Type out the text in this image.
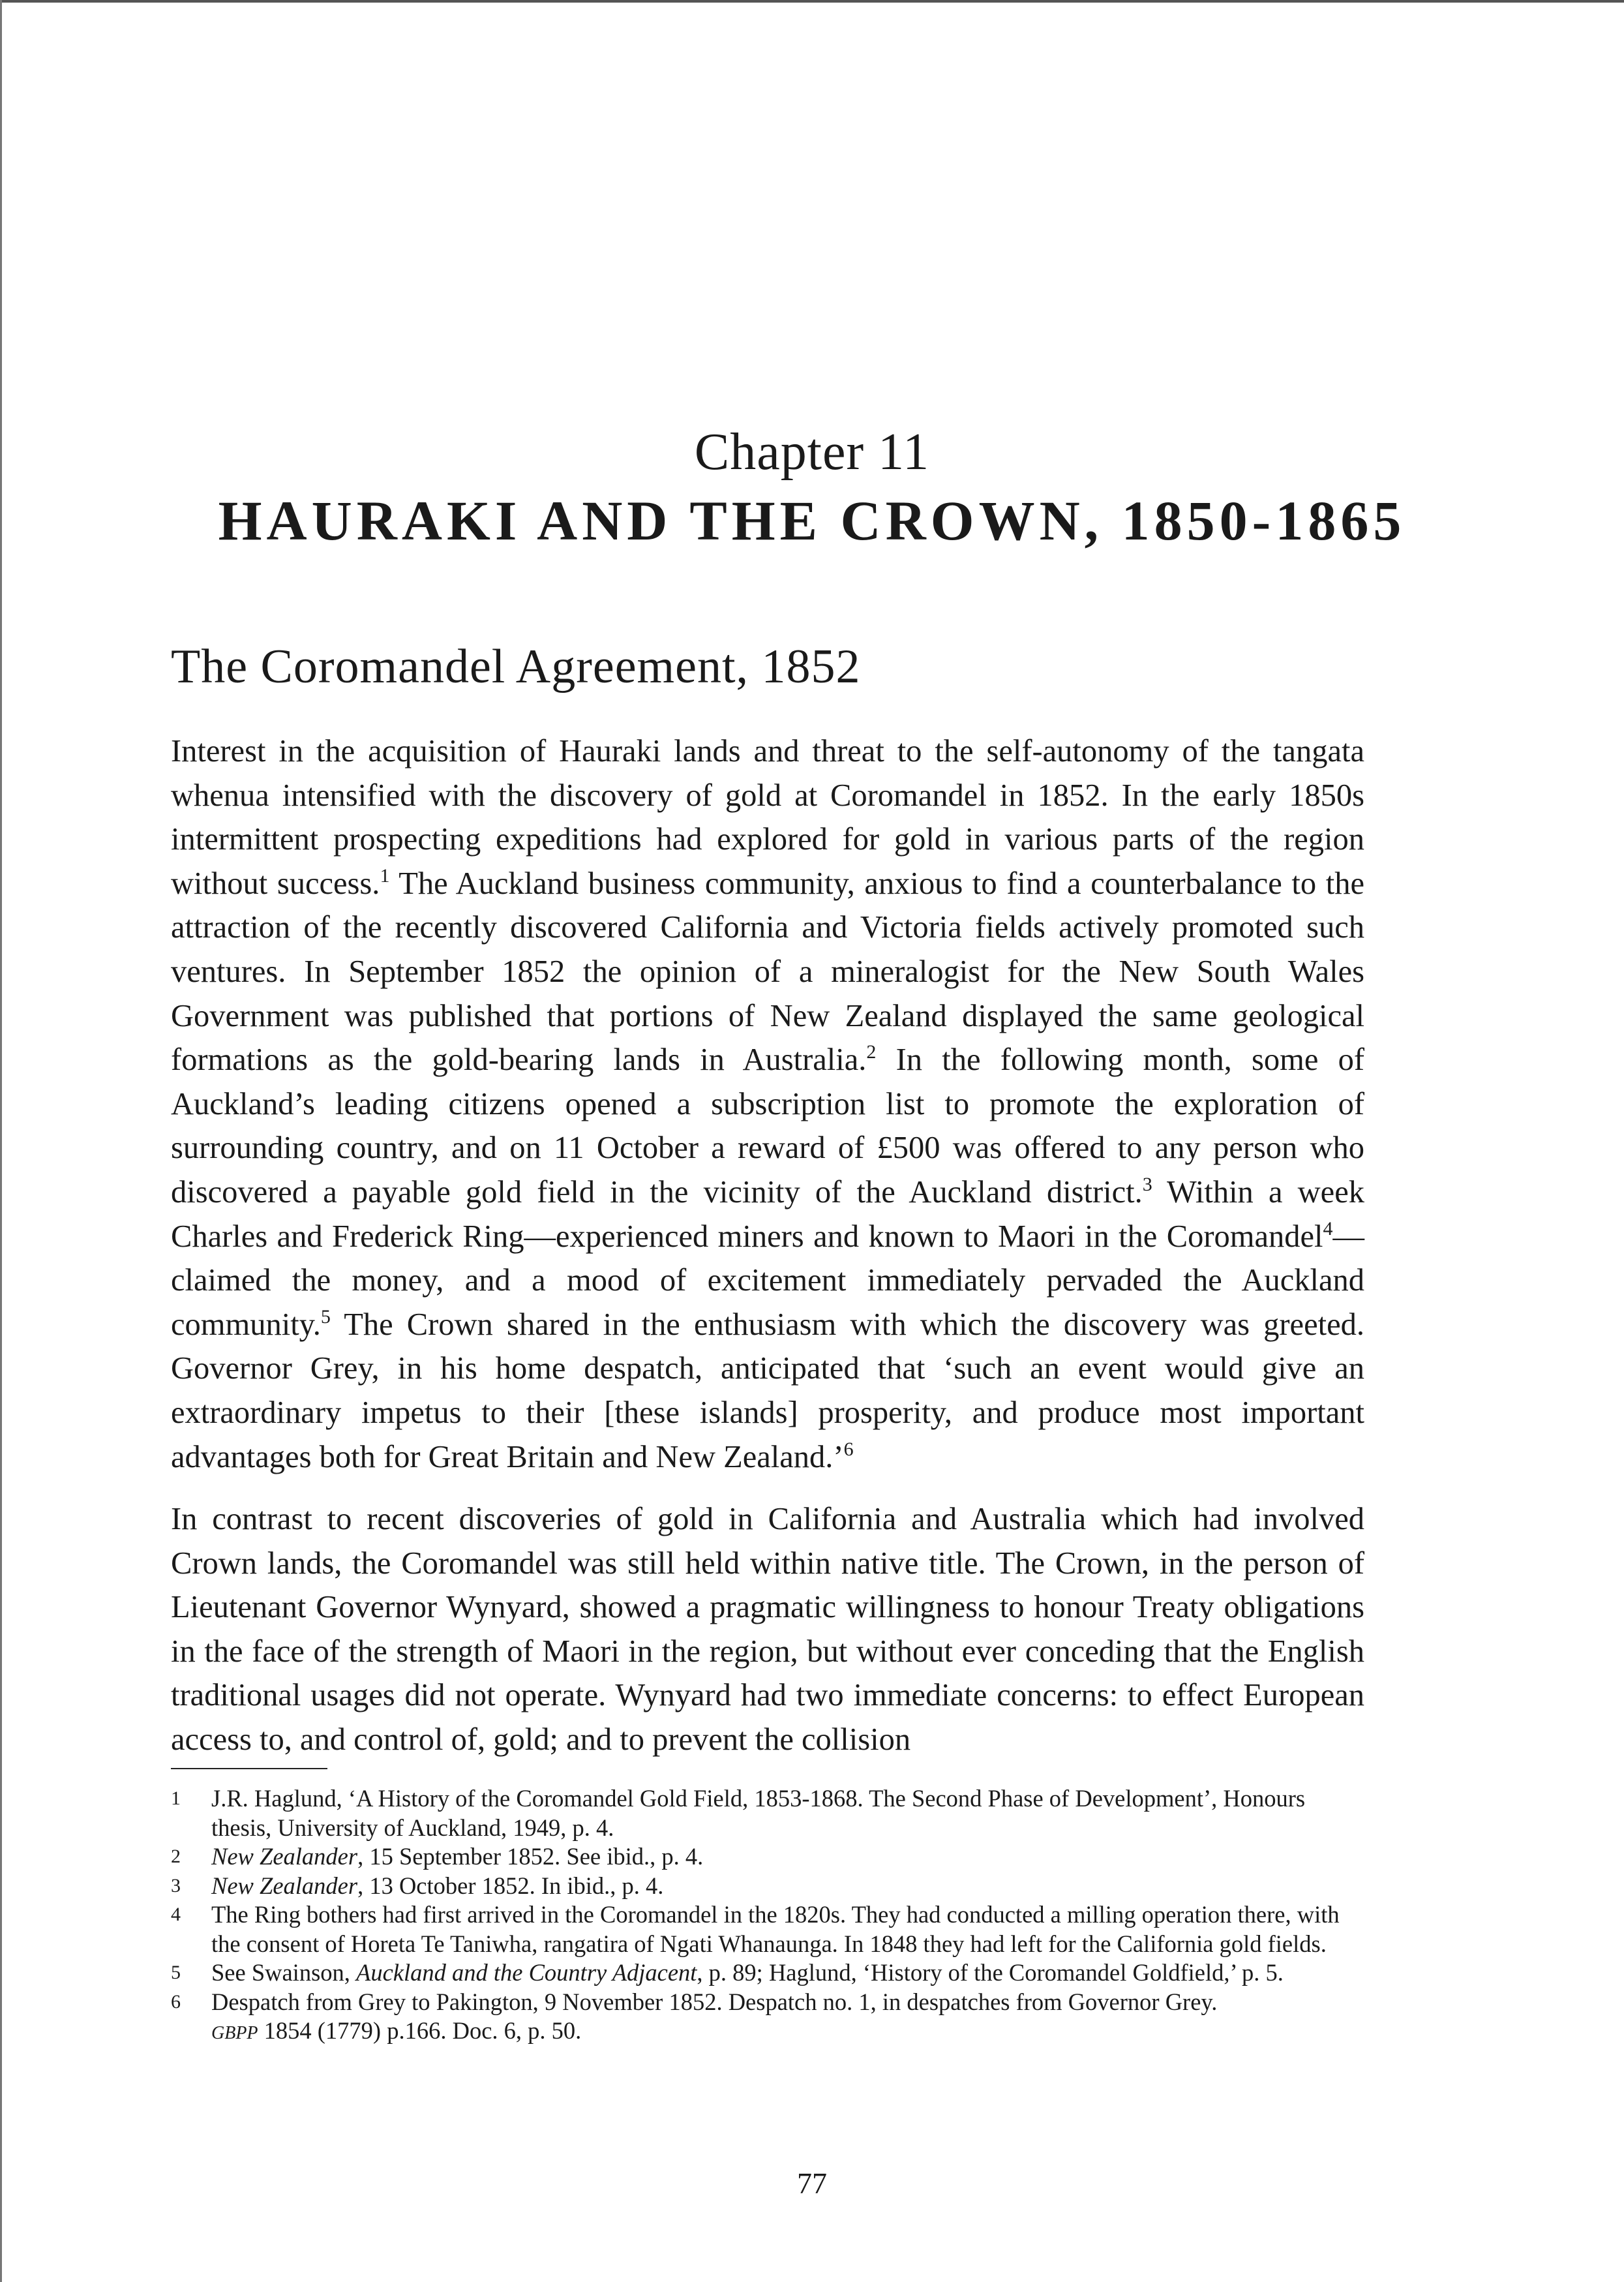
Chapter 11
HAURAKI AND THE CROWN, 1850-1865
The Coromandel Agreement, 1852

Interest in the acquisition of Hauraki lands and threat to the self-autonomy of the tangata whenua intensified with the discovery of gold at Coromandel in 1852. In the early 1850s intermittent prospecting expeditions had explored for gold in various parts of the region without success.$^1$ The Auckland business community, anxious to find a counterbalance to the attraction of the recently discovered California and Victoria fields actively promoted such ventures. In September 1852 the opinion of a mineralogist for the New South Wales Government was published that portions of New Zealand displayed the same geological formations as the gold-bearing lands in Australia.$^2$ In the following month, some of Auckland’s leading citizens opened a subscription list to promote the exploration of surrounding country, and on 11 October a reward of £500 was offered to any person who discovered a payable gold field in the vicinity of the Auckland district.$^3$ Within a week Charles and Frederick Ring—experienced miners and known to Maori in the Coromandel$^4$—claimed the money, and a mood of excitement immediately pervaded the Auckland community.$^5$ The Crown shared in the enthusiasm with which the discovery was greeted. Governor Grey, in his home despatch, anticipated that ‘such an event would give an extraordinary impetus to their [these islands] prosperity, and produce most important advantages both for Great Britain and New Zealand.’$^6$

In contrast to recent discoveries of gold in California and Australia which had involved Crown lands, the Coromandel was still held within native title. The Crown, in the person of Lieutenant Governor Wynyard, showed a pragmatic willingness to honour Treaty obligations in the face of the strength of Maori in the region, but without ever conceding that the English traditional usages did not operate. Wynyard had two immediate concerns: to effect European access to, and control of, gold; and to prevent the collision

1	J.R. Haglund, ‘A History of the Coromandel Gold Field, 1853-1868. The Second Phase of Development’, Honours thesis, University of Auckland, 1949, p. 4.
2	New Zealander, 15 September 1852. See ibid., p. 4.
3	New Zealander, 13 October 1852. In ibid., p. 4.
4	The Ring bothers had first arrived in the Coromandel in the 1820s. They had conducted a milling operation there, with the consent of Horeta Te Taniwha, rangatira of Ngati Whanaunga. In 1848 they had left for the California gold fields.
5	See Swainson, Auckland and the Country Adjacent, p. 89; Haglund, ‘History of the Coromandel Goldfield,’ p. 5.
6	Despatch from Grey to Pakington, 9 November 1852. Despatch no. 1, in despatches from Governor Grey.
GBPP 1854 (1779) p.166. Doc. 6, p. 50.
77
